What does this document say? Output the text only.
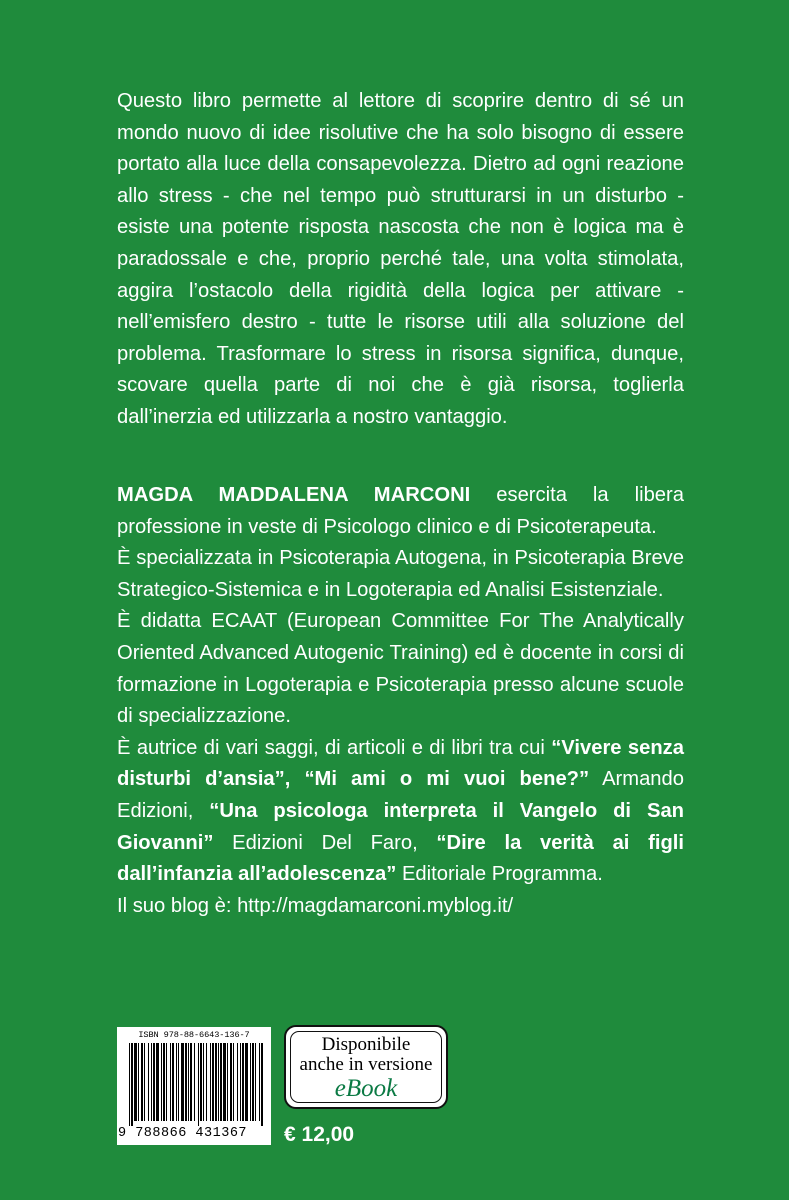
Questo libro permette al lettore di scoprire dentro di sé un mondo nuovo di idee risolutive che ha solo bisogno di essere portato alla luce della consapevolezza. Dietro ad ogni reazione allo stress - che nel tempo può strutturarsi in un disturbo - esiste una potente risposta nascosta che non è logica ma è paradossale e che, proprio perché tale, una volta stimolata, aggira l’ostacolo della rigidità della logica per attivare - nell’emisfero destro - tutte le risorse utili alla soluzione del problema. Trasformare lo stress in risorsa significa, dunque, scovare quella parte di noi che è già risorsa, toglierla dall’inerzia ed utilizzarla a nostro vantaggio.

MAGDA MADDALENA MARCONI esercita la libera professione in veste di Psicologo clinico e di Psicoterapeuta.
È specializzata in Psicoterapia Autogena, in Psicoterapia Breve Strategico-Sistemica e in Logoterapia ed Analisi Esistenziale.
È didatta ECAAT (European Committee For The Analytically Oriented Advanced Autogenic Training) ed è docente in corsi di formazione in Logoterapia e Psicoterapia presso alcune scuole di specializzazione.
È autrice di vari saggi, di articoli e di libri tra cui “Vivere senza disturbi d’ansia”, “Mi ami o mi vuoi bene?” Armando Edizioni, “Una psicologa interpreta il Vangelo di San Giovanni” Edizioni Del Faro, “Dire la verità ai figli dall’infanzia all’adolescenza” Editoriale Programma.
Il suo blog è: http://magdamarconi.myblog.it/
ISBN 978-88-6643-136-7
9 788866 431367
Disponibile
anche in versione
eBook
€ 12,00
